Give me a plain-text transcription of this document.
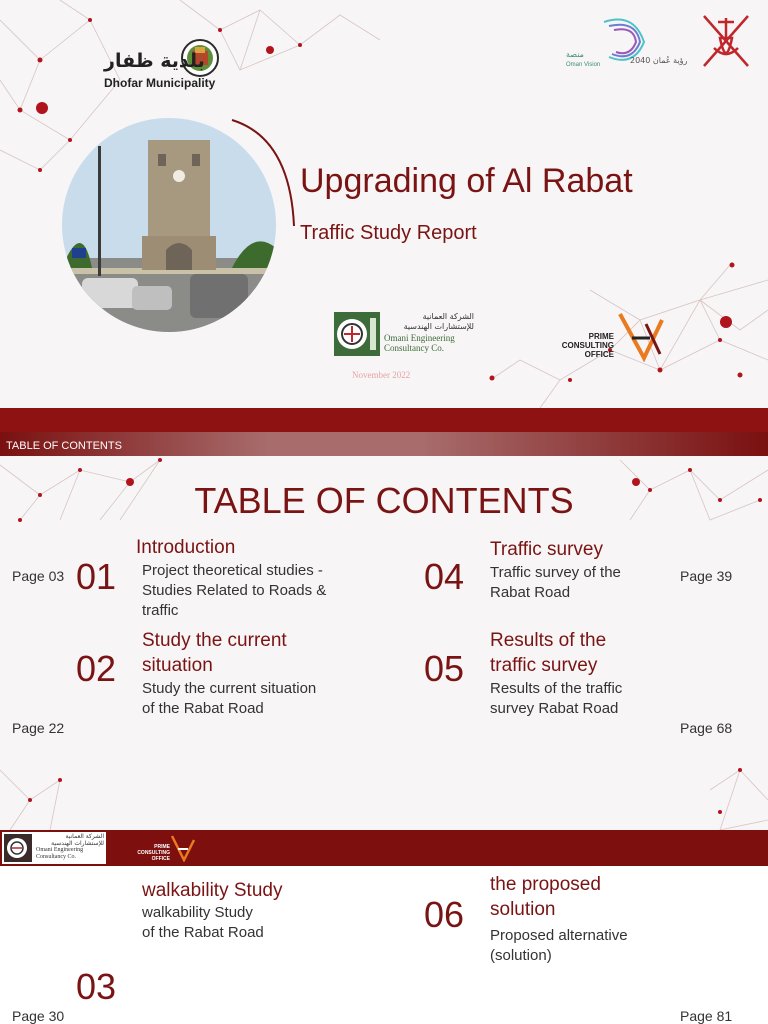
بلدية ظفار
Dhofar Municipality
منصة
Oman Vision	رؤية عُمان 2040
Upgrading of Al Rabat
Traffic Study Report
الشركة العمانية
للإستشارات الهندسية
Omani Engineering
Consultancy Co.
PRIME
CONSULTING
OFFICE
November 2022
TABLE OF CONTENTS
TABLE OF CONTENTS
Page 03 01
Introduction
Project theoretical studies -
Studies Related to Roads &
traffic
02
Study the current
situation
Study the current situation
of the Rabat Road
Page 22
04
Traffic survey
Traffic survey of the
Rabat Road
Page 39
05
Results of the
traffic survey
Results of the traffic
survey Rabat Road
Page 68
الشركة العمانية
للإستشارات الهندسية
Omani Engineering
Consultancy Co.
PRIME
CONSULTING
OFFICE
walkability Study
walkability Study
of the Rabat Road
03
Page 30
06
the proposed
solution
Proposed alternative
(solution)
Page 81
